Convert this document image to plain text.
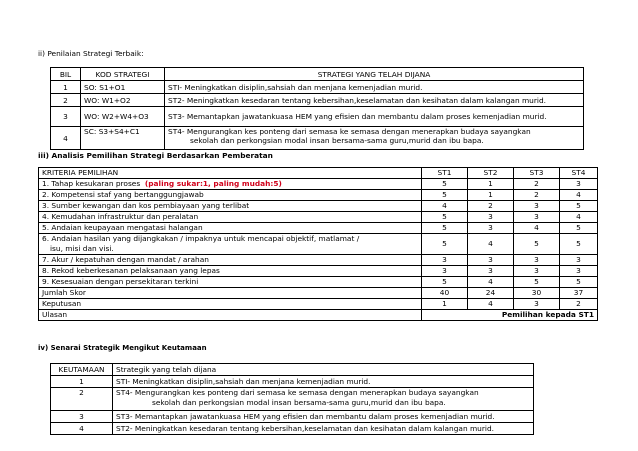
ii) Penilaian Strategi Terbaik:
BIL	KOD STRATEGI	STRATEGI YANG TELAH DIJANA
1	SO: S1+O1	STI- Meningkatkan disiplin,sahsiah dan menjana kemenjadian murid.
2	WO: W1+O2	ST2- Meningkatkan kesedaran tentang kebersihan,keselamatan dan kesihatan dalam kalangan murid.
3	WO: W2+W4+O3	ST3- Memantapkan jawatankuasa HEM yang efisien dan membantu dalam proses kemenjadian murid.
4	SC: S3+S4+C1	ST4- Mengurangkan kes ponteng dari semasa ke semasa dengan menerapkan budaya sayangkan
sekolah dan perkongsian modal insan bersama-sama guru,murid dan ibu bapa.
iii) Analisis Pemilihan Strategi Berdasarkan Pemberatan
KRITERIA PEMILIHAN	ST1	ST2	ST3	ST4
1. Tahap kesukaran proses (paling sukar:1, paling mudah:5)	5	1	2	3
2. Kompetensi staf yang bertanggungjawab	5	1	2	4
3. Sumber kewangan dan kos pembiayaan yang terlibat	4	2	3	5
4. Kemudahan infrastruktur dan peralatan	5	3	3	4
5. Andaian keupayaan mengatasi halangan	5	3	4	5

6. Andaian hasilan yang dijangkakan / impaknya untuk mencapai objektif, matlamat /
isu, misi dan visi.	5	4	5	5
7. Akur / kepatuhan dengan mandat / arahan	3	3	3	3
8. Rekod keberkesanan pelaksanaan yang lepas	3	3	3	3
9. Kesesuaian dengan persekitaran terkini	5	4	5	5
Jumlah Skor	40	24	30	37
Keputusan	1	4	3	2
Ulasan	Pemilihan kepada ST1			
iv) Senarai Strategik Mengikut Keutamaan
KEUTAMAAN	Strategik yang telah dijana
1	STI- Meningkatkan disiplin,sahsiah dan menjana kemenjadian murid.
2	ST4- Mengurangkan kes ponteng dari semasa ke semasa dengan menerapkan budaya sayangkan
sekolah dan perkongsian modal insan bersama-sama guru,murid dan ibu bapa.

3	ST3- Memantapkan jawatankuasa HEM yang efisien dan membantu dalam proses kemenjadian murid.
4	ST2- Meningkatkan kesedaran tentang kebersihan,keselamatan dan kesihatan dalam kalangan murid.
